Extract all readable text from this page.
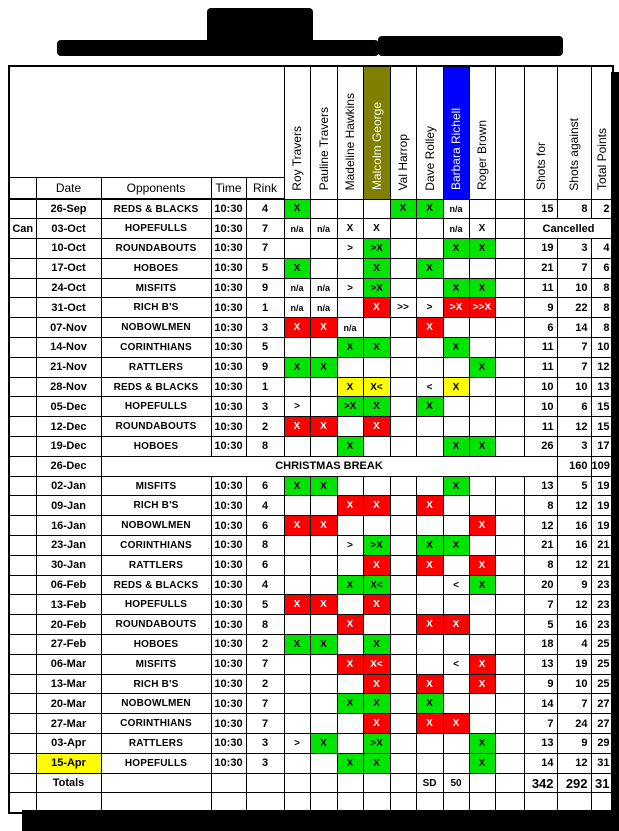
					Roy Travers	Pauline Travers	Madeline Hawkins	Malcolm George	Val Harrop	Dave Rolley	Barbara Richell	Roger Brown		Shots for	Shots against	Total Points	
	Date	Opponents	Time	Rink													
	26-Sep	REDS & BLACKS	10:30	4	X				X	X	n/a			15	8	2	
Can	03-Oct	HOPEFULLS	10:30	7	n/a	n/a	X	X			n/a	X		Cancelled			
	10-Oct	ROUNDABOUTS	10:30	7			>	>X			X	X		19	3	4	
	17-Oct	HOBOES	10:30	5	X			X		X				21	7	6	
	24-Oct	MISFITS	10:30	9	n/a	n/a	>	>X			X	X		11	10	8	
	31-Oct	RICH B'S	10:30	1	n/a	n/a		X	>>	>	>X	>>X		9	22	8	
	07-Nov	NOBOWLMEN	10:30	3	X	X	n/a			X				6	14	8	
	14-Nov	CORINTHIANS	10:30	5			X	X			X			11	7	10	
	21-Nov	RATTLERS	10:30	9	X	X						X		11	7	12	
	28-Nov	REDS & BLACKS	10:30	1			X	X<		<	X			10	10	13	
	05-Dec	HOPEFULLS	10:30	3	>		>X	X		X				10	6	15	
	12-Dec	ROUNDABOUTS	10:30	2	X	X		X						11	12	15	
	19-Dec	HOBOES	10:30	8			X				X	X		26	3	17	
	26-Dec	CHRISTMAS BREAK													160	109	
	02-Jan	MISFITS	10:30	6	X	X					X			13	5	19	
	09-Jan	RICH B'S	10:30	4			X	X		X				8	12	19	
	16-Jan	NOBOWLMEN	10:30	6	X	X						X		12	16	19	
	23-Jan	CORINTHIANS	10:30	8			>	>X		X	X			21	16	21	
	30-Jan	RATTLERS	10:30	6				X		X		X		8	12	21	
	06-Feb	REDS & BLACKS	10:30	4			X	X<			<	X		20	9	23	
	13-Feb	HOPEFULLS	10:30	5	X	X		X						7	12	23	
	20-Feb	ROUNDABOUTS	10:30	8			X			X	X			5	16	23	
	27-Feb	HOBOES	10:30	2	X	X		X						18	4	25	
	06-Mar	MISFITS	10:30	7			X	X<			<	X		13	19	25	
	13-Mar	RICH B'S	10:30	2				X		X		X		9	10	25	
	20-Mar	NOBOWLMEN	10:30	7			X	X		X				14	7	27	
	27-Mar	CORINTHIANS	10:30	7				X		X	X			7	24	27	
	03-Apr	RATTLERS	10:30	3	>	X		>X				X		13	9	29	
	15-Apr	HOPEFULLS	10:30	3			X	X				X		14	12	31	
	Totals									SD	50			342	292	31	
